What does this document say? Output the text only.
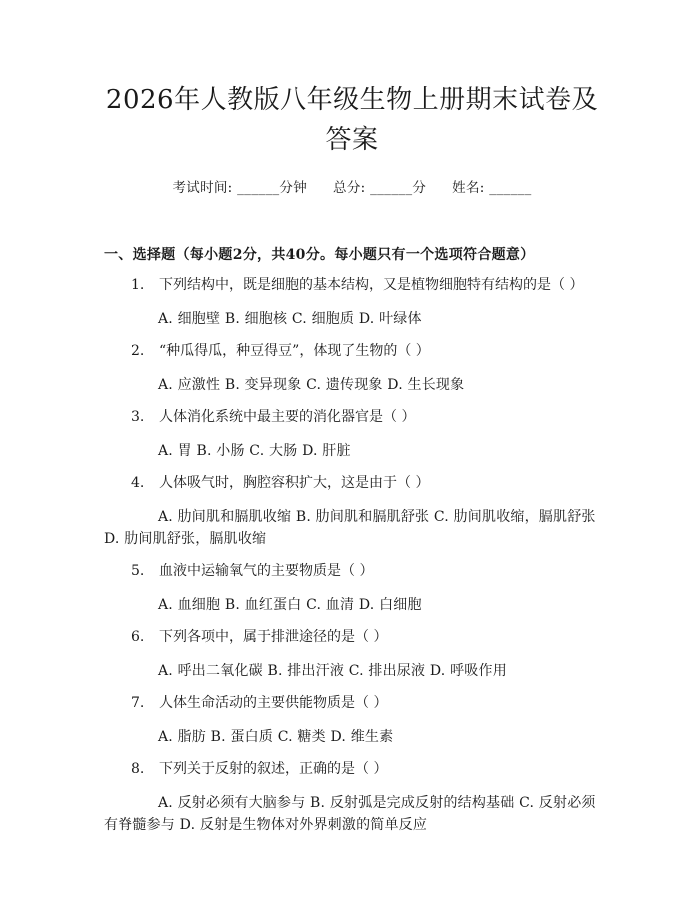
2026年人教版八年级生物上册期末试卷及答案
考试时间: ______分钟 总分: ______分 姓名: ______
一、选择题（每小题2分，共40分。每小题只有一个选项符合题意）
1.	下列结构中，既是细胞的基本结构，又是植物细胞特有结构的是（ ）
A. 细胞壁 B. 细胞核 C. 细胞质 D. 叶绿体
2.	“种瓜得瓜，种豆得豆”，体现了生物的（ ）
A. 应激性 B. 变异现象 C. 遗传现象 D. 生长现象
3.	人体消化系统中最主要的消化器官是（ ）
A. 胃 B. 小肠 C. 大肠 D. 肝脏
4.	人体吸气时，胸腔容积扩大，这是由于（ ）
A. 肋间肌和膈肌收缩 B. 肋间肌和膈肌舒张 C. 肋间肌收缩，膈肌舒张 D. 肋间肌舒张，膈肌收缩
5.	血液中运输氧气的主要物质是（ ）
A. 血细胞 B. 血红蛋白 C. 血清 D. 白细胞
6.	下列各项中，属于排泄途径的是（ ）
A. 呼出二氧化碳 B. 排出汗液 C. 排出尿液 D. 呼吸作用
7.	人体生命活动的主要供能物质是（ ）
A. 脂肪 B. 蛋白质 C. 糖类 D. 维生素
8.	下列关于反射的叙述，正确的是（ ）
A. 反射必须有大脑参与 B. 反射弧是完成反射的结构基础 C. 反射必须有脊髓参与 D. 反射是生物体对外界刺激的简单反应
